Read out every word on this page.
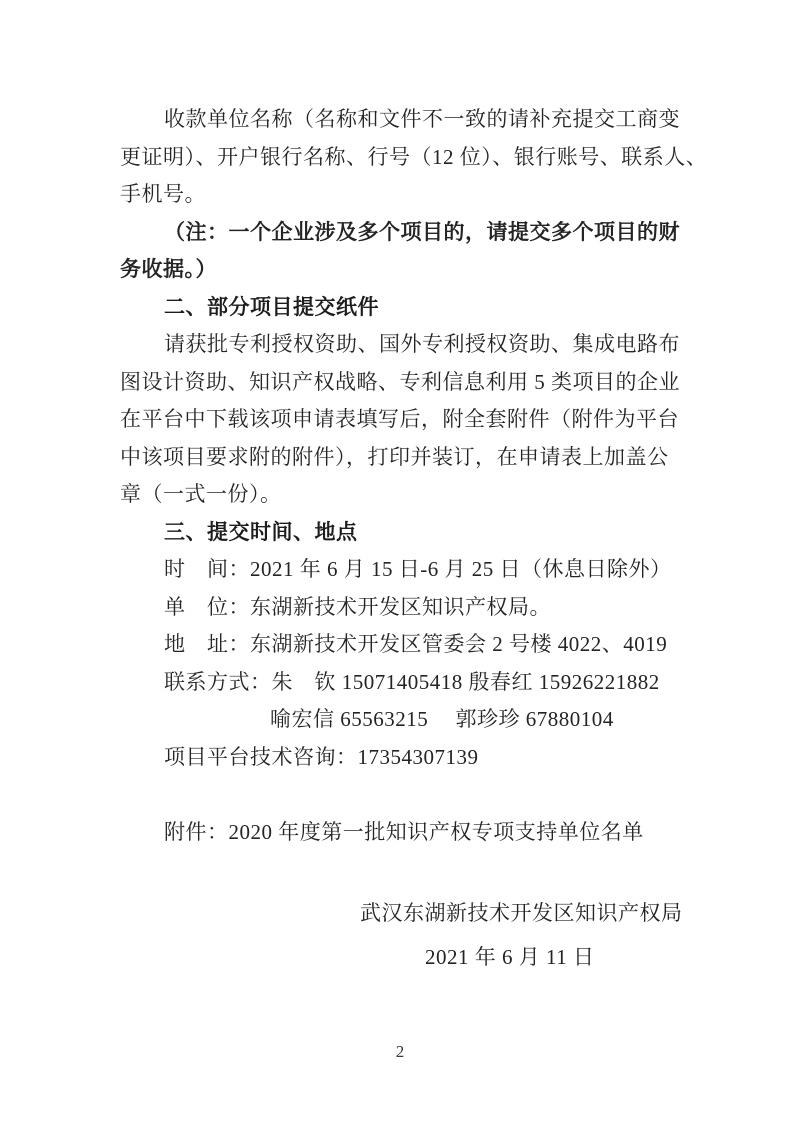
收款单位名称（名称和文件不一致的请补充提交工商变
更证明）、开户银行名称、行号（12 位）、银行账号、联系人、
手机号。
（注：一个企业涉及多个项目的，请提交多个项目的财
务收据。）
二、部分项目提交纸件
请获批专利授权资助、国外专利授权资助、集成电路布
图设计资助、知识产权战略、专利信息利用 5 类项目的企业
在平台中下载该项申请表填写后，附全套附件（附件为平台
中该项目要求附的附件），打印并装订，在申请表上加盖公
章（一式一份）。
三、提交时间、地点
时　间：2021 年 6 月 15 日-6 月 25 日（休息日除外）
单　位：东湖新技术开发区知识产权局。
地　址：东湖新技术开发区管委会 2 号楼 4022、4019
联系方式：朱　钦 15071405418 殷春红 15926221882
喻宏信 65563215　 郭珍珍 67880104
项目平台技术咨询：17354307139
附件：2020 年度第一批知识产权专项支持单位名单
武汉东湖新技术开发区知识产权局
2021 年 6 月 11 日
2
